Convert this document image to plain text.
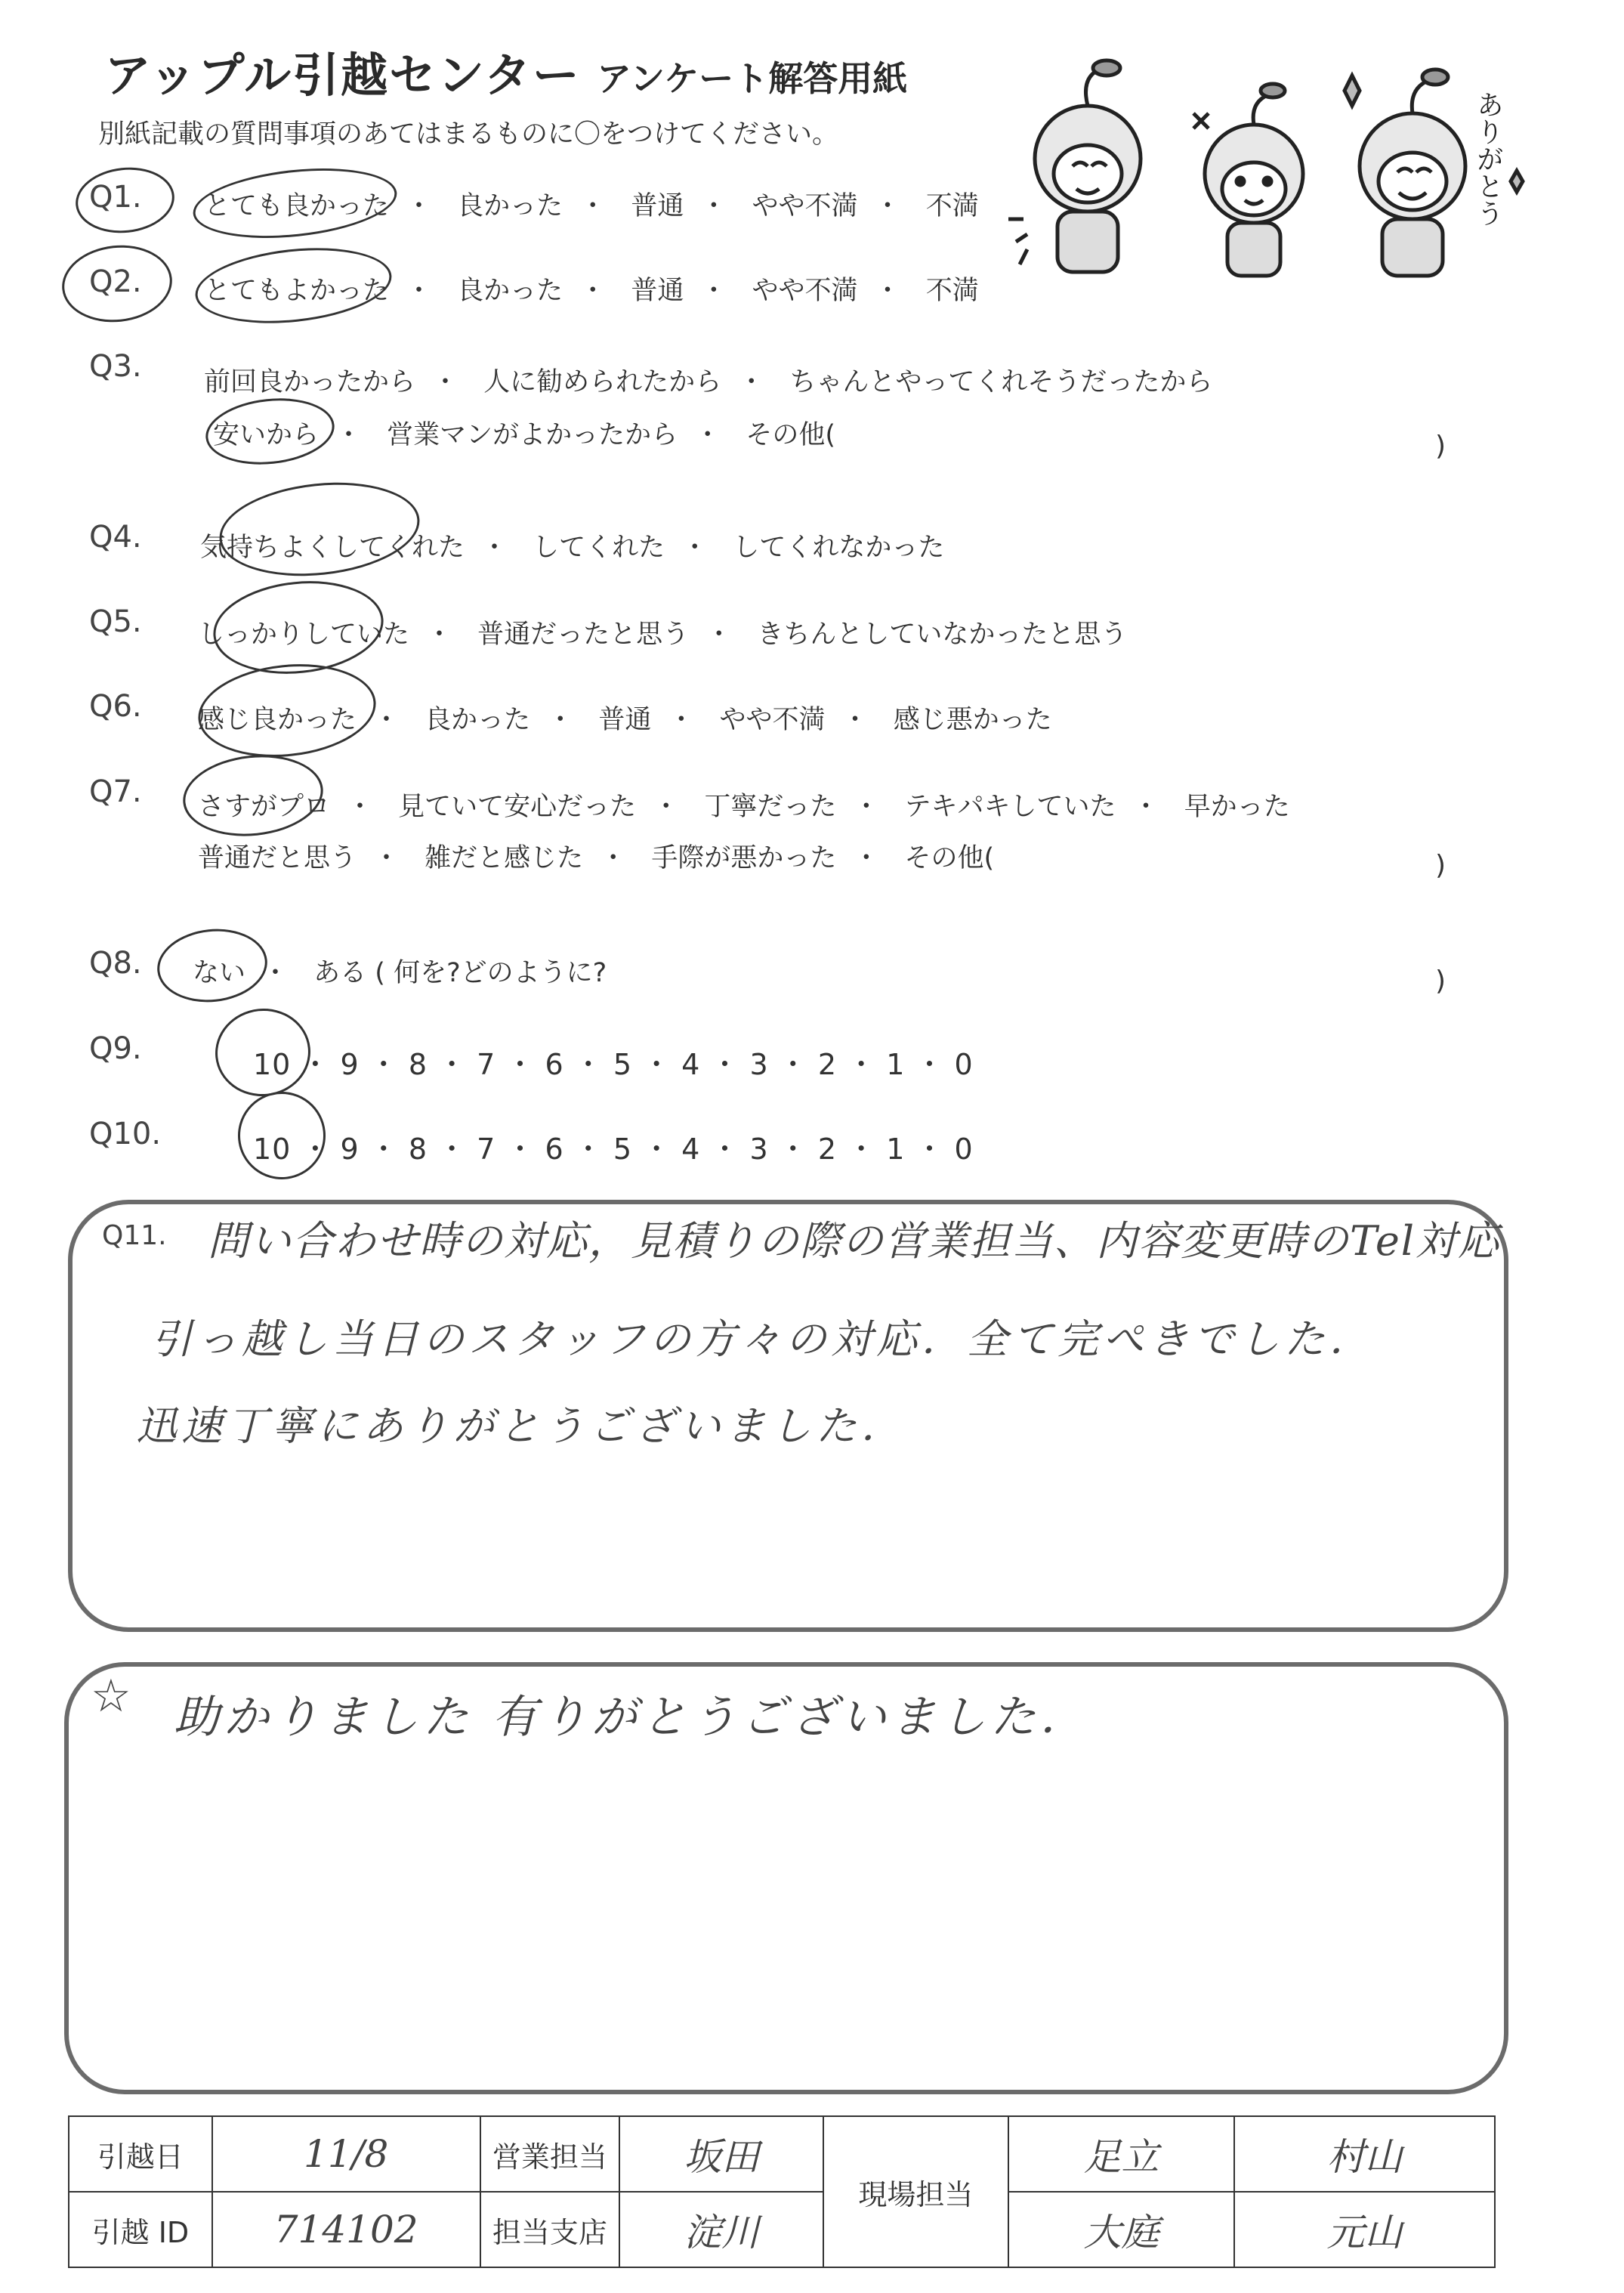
アップル引越センター アンケート解答用紙
別紙記載の質問事項のあてはまるものに〇をつけてください。	ありがとう
Q1. とても良かった ・ 良かった ・ 普通 ・ やや不満 ・ 不満
Q2. とてもよかった ・ 良かった ・ 普通 ・ やや不満 ・ 不満
Q3. 前回良かったから ・ 人に勧められたから ・ ちゃんとやってくれそうだったから
安いから ・ 営業マンがよかったから ・ その他(	)
Q4. 気持ちよくしてくれた ・ してくれた ・ してくれなかった
Q5. しっかりしていた ・ 普通だったと思う ・ きちんとしていなかったと思う
Q6. 感じ良かった ・ 良かった ・ 普通 ・ やや不満 ・ 感じ悪かった
Q7. さすがプロ ・ 見ていて安心だった ・ 丁寧だった ・ テキパキしていた ・ 早かった
普通だと思う ・ 雑だと感じた ・ 手際が悪かった ・ その他(	)
Q8. ない ・ ある ( 何を?どのように?	)
Q9.	10 ・ 9 ・ 8 ・ 7 ・ 6 ・ 5 ・ 4 ・ 3 ・ 2 ・ 1 ・ 0
Q10.	10 ・ 9 ・ 8 ・ 7 ・ 6 ・ 5 ・ 4 ・ 3 ・ 2 ・ 1 ・ 0
Q11. 問い合わせ時の対応，見積りの際の営業担当、内容変更時のTel対応
引っ越し当日のスタッフの方々の対応．全て完ぺきでした．
迅速丁寧にありがとうございました．
☆ 助かりました 有りがとうございました．
引越日	11/8	営業担当	坂田	現場担当	足立	村山
引越 ID	714102	担当支店	淀川		大庭	元山
